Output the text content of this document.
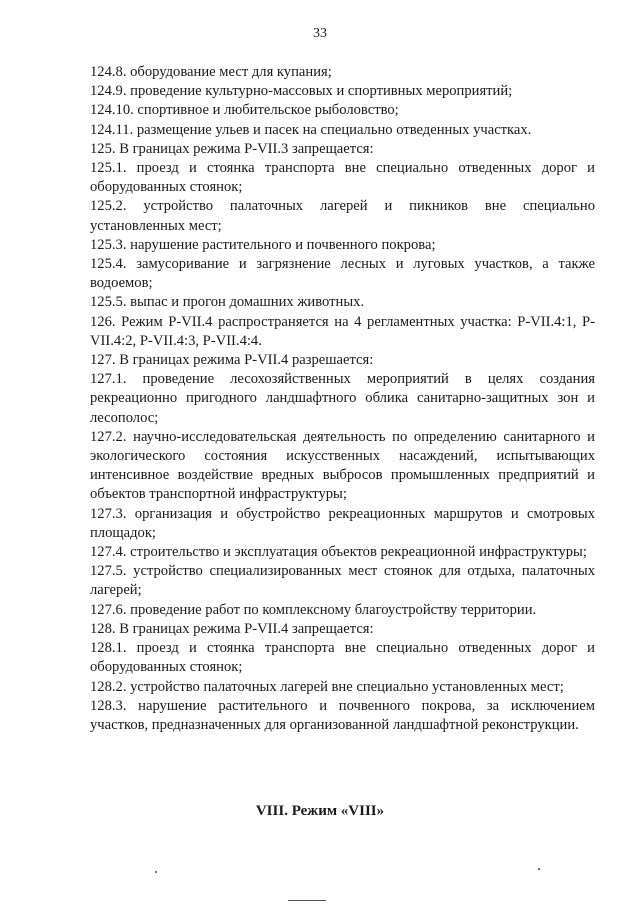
33

124.8. оборудование мест для купания;

124.9. проведение культурно-массовых и спортивных мероприятий;

124.10. спортивное и любительское рыболовство;

124.11. размещение ульев и пасек на специально отведенных участках.

125. В границах режима Р-VII.3 запрещается:

125.1. проезд и стоянка транспорта вне специально отведенных дорог и оборудованных стоянок;

125.2. устройство палаточных лагерей и пикников вне специально установленных мест;

125.3. нарушение растительного и почвенного покрова;

125.4. замусоривание и загрязнение лесных и луговых участков, а также водоемов;

125.5. выпас и прогон домашних животных.

126. Режим Р-VII.4 распространяется на 4 регламентных участка: Р-VII.4:1, Р-VII.4:2, Р-VII.4:3, Р-VII.4:4.

127. В границах режима Р-VII.4 разрешается:

127.1. проведение лесохозяйственных мероприятий в целях создания рекреационно пригодного ландшафтного облика санитарно-защитных зон и лесополос;

127.2. научно-исследовательская деятельность по определению санитарного и экологического состояния искусственных насаждений, испытывающих интенсивное воздействие вредных выбросов промышленных предприятий и объектов транспортной инфраструктуры;

127.3. организация и обустройство рекреационных маршрутов и смотровых площадок;

127.4. строительство и эксплуатация объектов рекреационной инфраструктуры;

127.5. устройство специализированных мест стоянок для отдыха, палаточных лагерей;

127.6. проведение работ по комплексному благоустройству территории.

128. В границах режима Р-VII.4 запрещается:

128.1. проезд и стоянка транспорта вне специально отведенных дорог и оборудованных стоянок;

128.2. устройство палаточных лагерей вне специально установленных мест;

128.3. нарушение растительного и почвенного покрова, за исключением участков, предназначенных для организованной ландшафтной реконструкции.

VIII. Режим «VIII»
